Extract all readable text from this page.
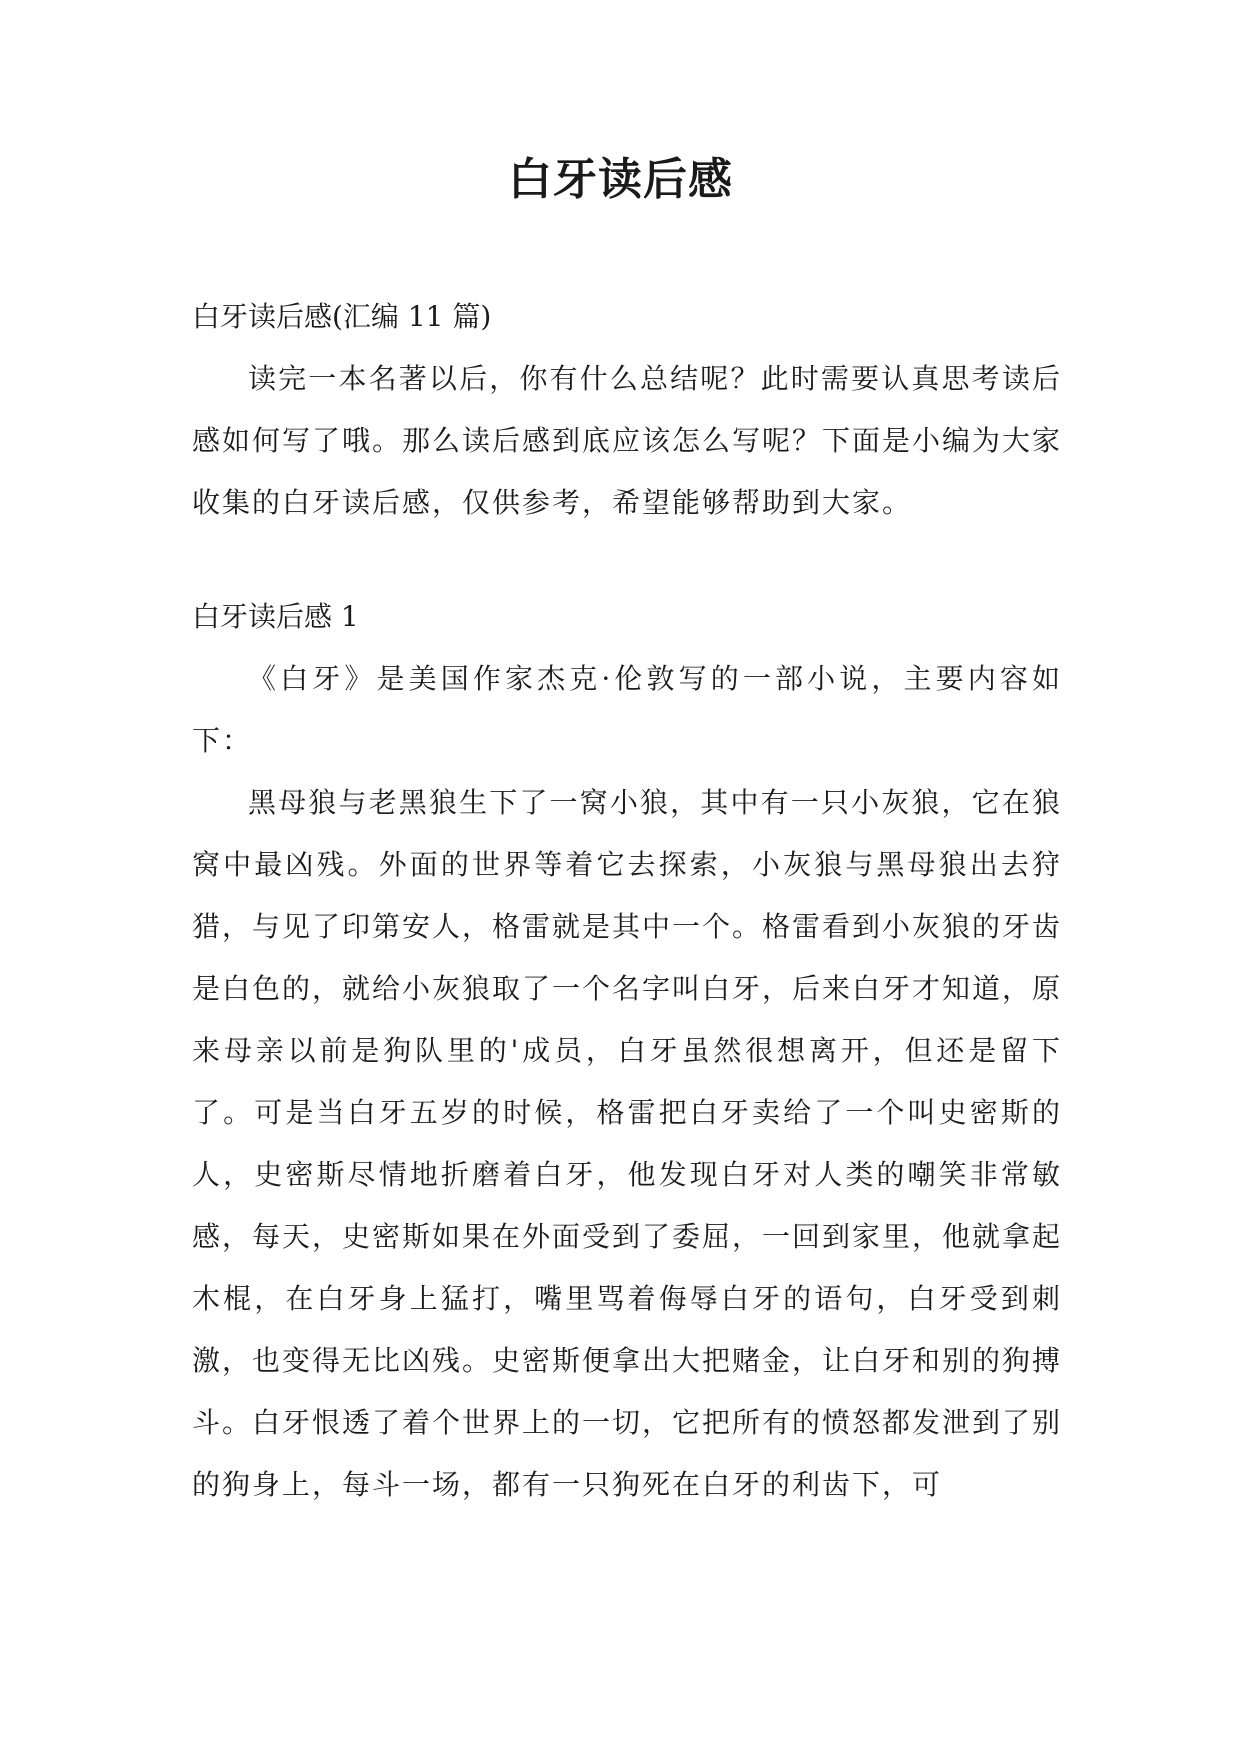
白牙读后感

白牙读后感(汇编 11 篇)

读完一本名著以后，你有什么总结呢？此时需要认真思考读后感如何写了哦。那么读后感到底应该怎么写呢？下面是小编为大家收集的白牙读后感，仅供参考，希望能够帮助到大家。

白牙读后感 1

《白牙》是美国作家杰克·伦敦写的一部小说，主要内容如下：

黑母狼与老黑狼生下了一窝小狼，其中有一只小灰狼，它在狼窝中最凶残。外面的世界等着它去探索，小灰狼与黑母狼出去狩猎，与见了印第安人，格雷就是其中一个。格雷看到小灰狼的牙齿是白色的，就给小灰狼取了一个名字叫白牙，后来白牙才知道，原来母亲以前是狗队里的'成员，白牙虽然很想离开，但还是留下了。可是当白牙五岁的时候，格雷把白牙卖给了一个叫史密斯的人，史密斯尽情地折磨着白牙，他发现白牙对人类的嘲笑非常敏感，每天，史密斯如果在外面受到了委屈，一回到家里，他就拿起木棍，在白牙身上猛打，嘴里骂着侮辱白牙的语句，白牙受到刺激，也变得无比凶残。史密斯便拿出大把赌金，让白牙和别的狗搏斗。白牙恨透了着个世界上的一切，它把所有的愤怒都发泄到了别的狗身上，每斗一场，都有一只狗死在白牙的利齿下，可
